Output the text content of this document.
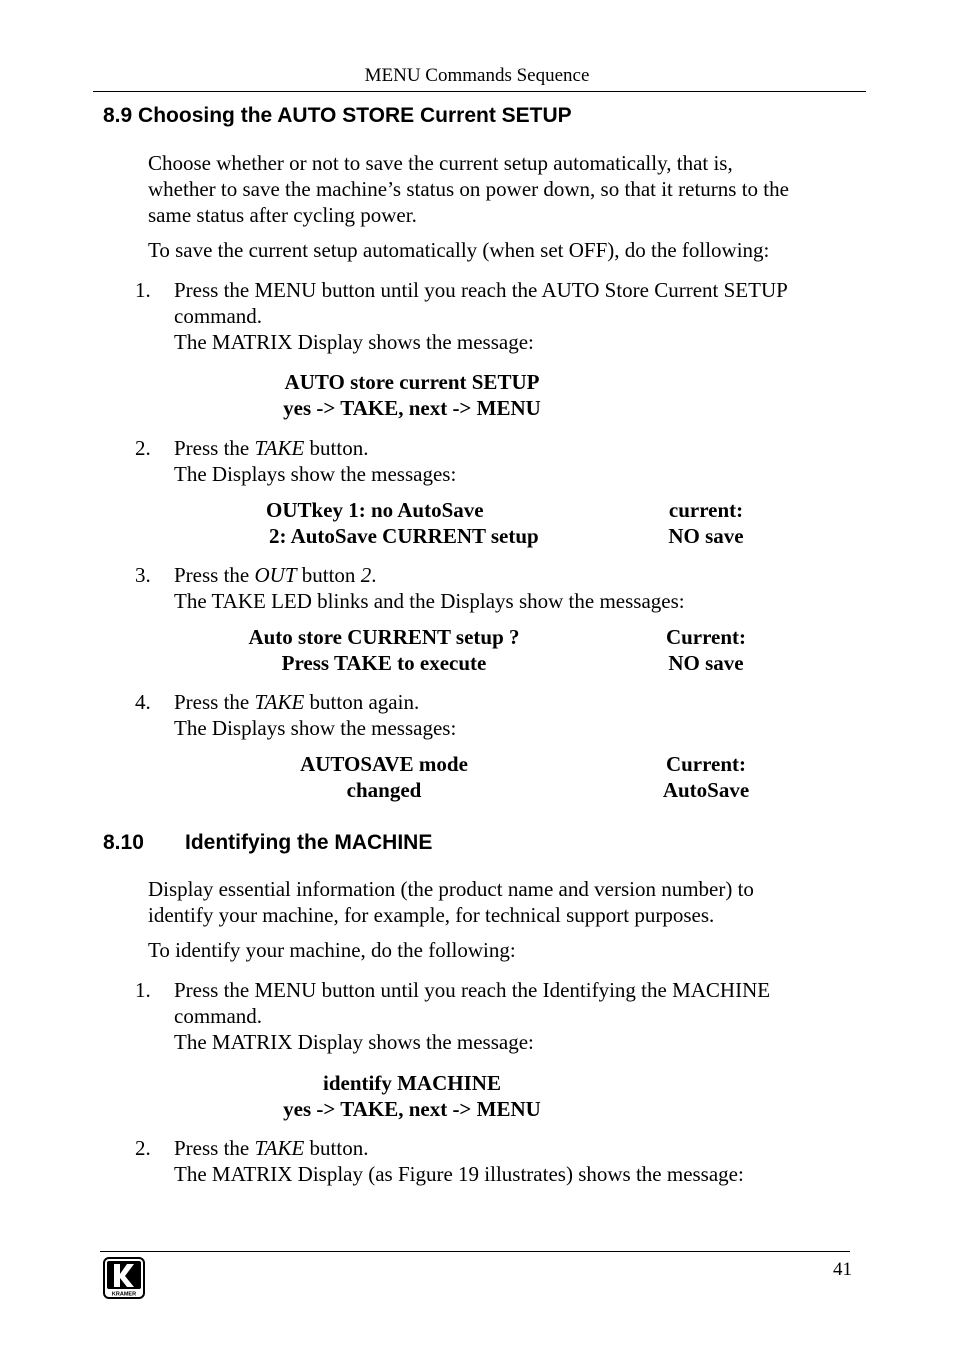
MENU Commands Sequence
8.9 Choosing the AUTO STORE Current SETUP
Choose whether or not to save the current setup automatically, that is,
whether to save the machine’s status on power down, so that it returns to the
same status after cycling power.
To save the current setup automatically (when set OFF), do the following:
1. Press the MENU button until you reach the AUTO Store Current SETUP
command.
The MATRIX Display shows the message:
AUTO store current SETUP
yes -> TAKE, next -> MENU
2. Press the TAKE button.
The Displays show the messages:
OUTkey 1: no AutoSave
2: AutoSave CURRENT setup
current:
NO save
3. Press the OUT button 2.
The TAKE LED blinks and the Displays show the messages:
Auto store CURRENT setup ?
Press TAKE to execute
Current:
NO save
4. Press the TAKE button again.
The Displays show the messages:
AUTOSAVE mode
changed
Current:
AutoSave
8.10 Identifying the MACHINE
Display essential information (the product name and version number) to
identify your machine, for example, for technical support purposes.
To identify your machine, do the following:
1. Press the MENU button until you reach the Identifying the MACHINE
command.
The MATRIX Display shows the message:
identify MACHINE
yes -> TAKE, next -> MENU
2. Press the TAKE button.
The MATRIX Display (as Figure 19 illustrates) shows the message:
KRAMER
41
